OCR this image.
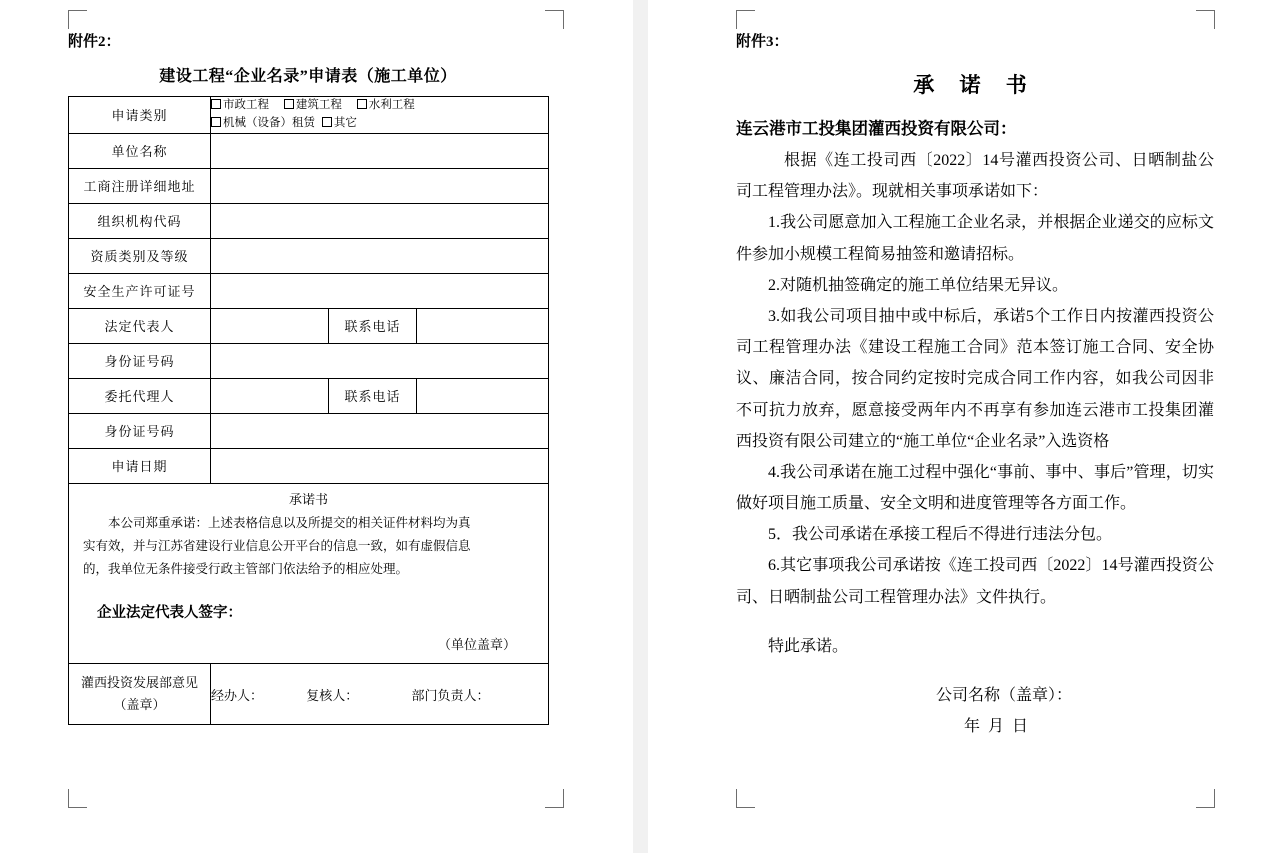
附件2：
建设工程“企业名录”申请表（施工单位）
申请类别	市政工程 建筑工程 水利工程
机械（设备）租赁 其它		

单位名称			
工商注册详细地址			
组织机构代码			
资质类别及等级			
安全生产许可证号			
法定代表人		联系电话	
身份证号码			
委托代理人		联系电话	
身份证号码			
申请日期			

承诺书

本公司郑重承诺：上述表格信息以及所提交的相关证件材料均为真

实有效，并与江苏省建设行业信息公开平台的信息一致，如有虚假信息

的，我单位无条件接受行政主管部门依法给予的相应处理。

企业法定代表人签字：
（单位盖章）

灌西投资发展部意见（盖章）	经办人： 复核人： 部门负责人：		
附件3：
承 诺 书
连云港市工投集团灌西投资有限公司：

根据《连工投司西〔2022〕14号灌西投资公司、日晒制盐公司工程管理办法》。现就相关事项承诺如下：

1.我公司愿意加入工程施工企业名录，并根据企业递交的应标文件参加小规模工程简易抽签和邀请招标。

2.对随机抽签确定的施工单位结果无异议。

3.如我公司项目抽中或中标后，承诺5个工作日内按灌西投资公司工程管理办法《建设工程施工合同》范本签订施工合同、安全协议、廉洁合同，按合同约定按时完成合同工作内容，如我公司因非不可抗力放弃，愿意接受两年内不再享有参加连云港市工投集团灌西投资有限公司建立的“施工单位“企业名录”入选资格

4.我公司承诺在施工过程中强化“事前、事中、事后”管理，切实做好项目施工质量、安全文明和进度管理等各方面工作。

5．我公司承诺在承接工程后不得进行违法分包。

6.其它事项我公司承诺按《连工投司西〔2022〕14号灌西投资公司、日晒制盐公司工程管理办法》文件执行。

特此承诺。

公司名称（盖章）：

年 月 日
